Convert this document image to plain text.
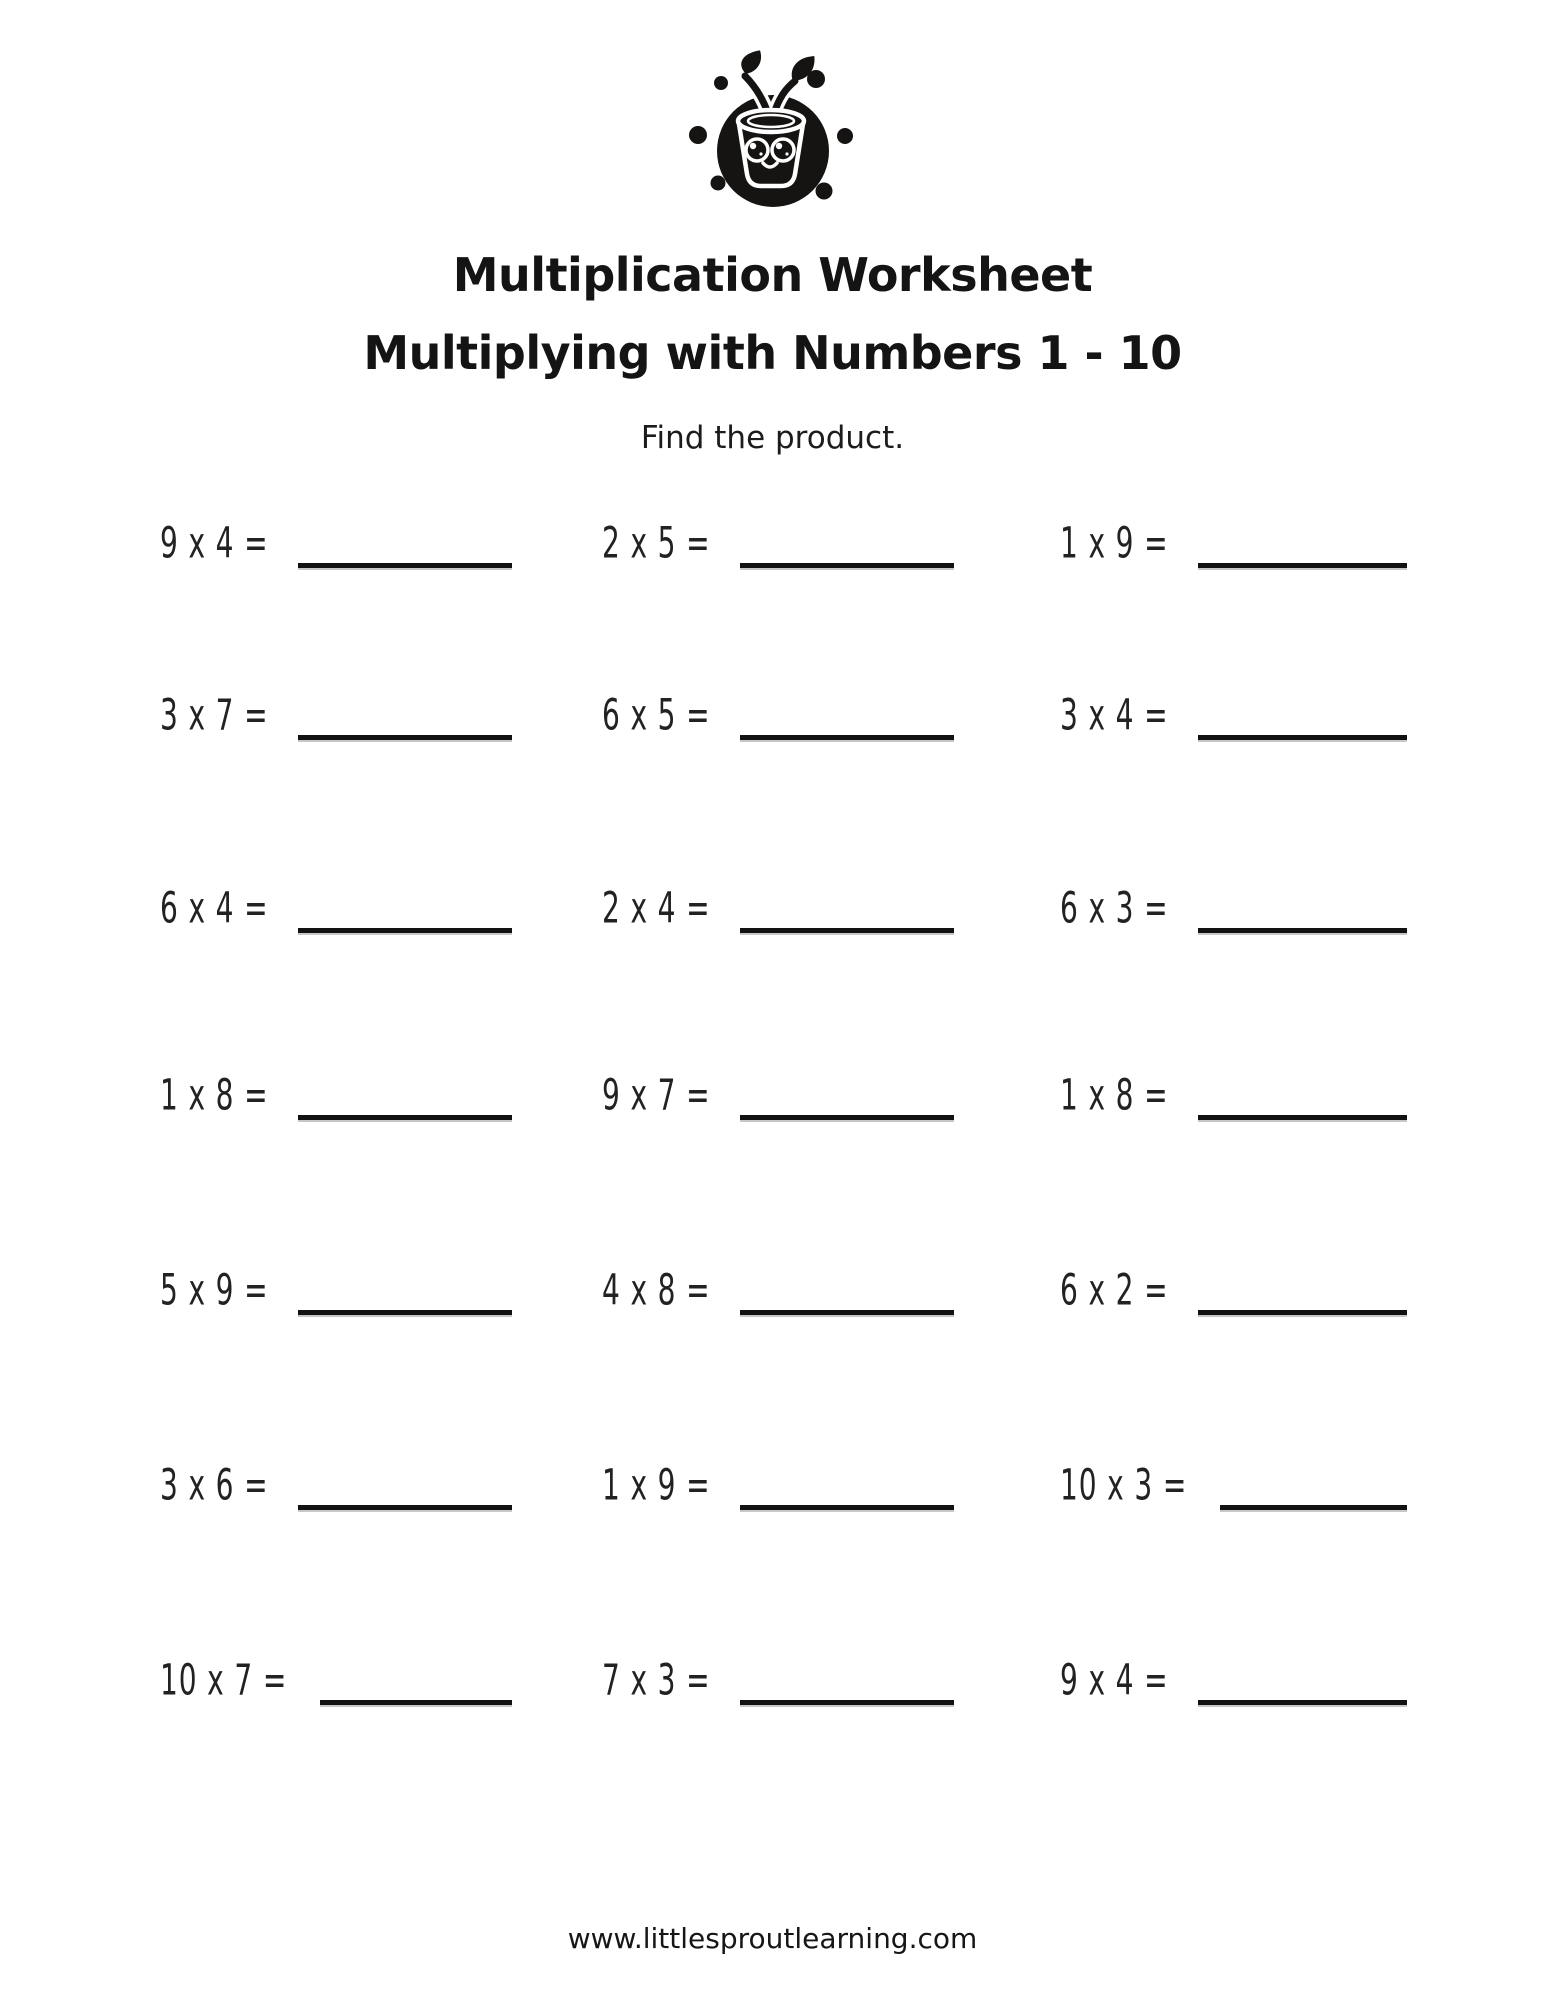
Multiplication Worksheet
Multiplying with Numbers 1 - 10
Find the product.
9 x 4 =	2 x 5 =	1 x 9 =
3 x 7 =	6 x 5 =	3 x 4 =
6 x 4 =	2 x 4 =	6 x 3 =
1 x 8 =	9 x 7 =	1 x 8 =
5 x 9 =	4 x 8 =	6 x 2 =
3 x 6 =	1 x 9 =	10 x 3 =
10 x 7 =	7 x 3 =	9 x 4 =
www.littlesproutlearning.com
